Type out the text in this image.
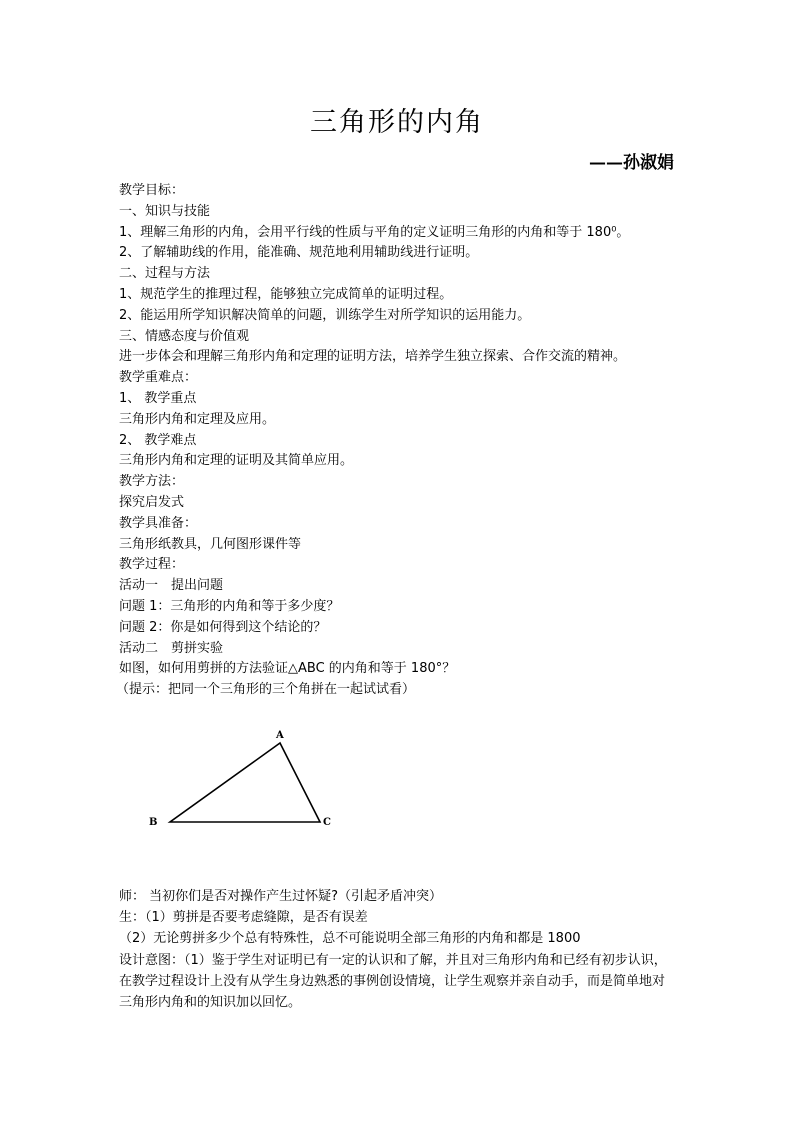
三角形的内角
——孙淑娟
教学目标：
一、知识与技能
1、理解三角形的内角，会用平行线的性质与平角的定义证明三角形的内角和等于 180⁰。
2、了解辅助线的作用，能准确、规范地利用辅助线进行证明。
二、过程与方法
1、规范学生的推理过程，能够独立完成简单的证明过程。
2、能运用所学知识解决简单的问题，训练学生对所学知识的运用能力。
三、情感态度与价值观
进一步体会和理解三角形内角和定理的证明方法，培养学生独立探索、合作交流的精神。
教学重难点：
1、 教学重点
三角形内角和定理及应用。
2、 教学难点
三角形内角和定理的证明及其简单应用。
教学方法：
探究启发式
教学具准备：
三角形纸教具，几何图形课件等
教学过程：
活动一　提出问题
问题 1：三角形的内角和等于多少度？
问题 2：你是如何得到这个结论的？
活动二　剪拼实验
如图，如何用剪拼的方法验证△ABC 的内角和等于 180°？
（提示：把同一个三角形的三个角拼在一起试试看）
A
B	C
师： 当初你们是否对操作产生过怀疑?（引起矛盾冲突）
生：（1）剪拼是否要考虑缝隙，是否有误差
（2）无论剪拼多少个总有特殊性，总不可能说明全部三角形的内角和都是 1800
设计意图：（1）鉴于学生对证明已有一定的认识和了解，并且对三角形内角和已经有初步认识，在教学过程设计上没有从学生身边熟悉的事例创设情境，让学生观察并亲自动手，而是简单地对三角形内角和的知识加以回忆。
